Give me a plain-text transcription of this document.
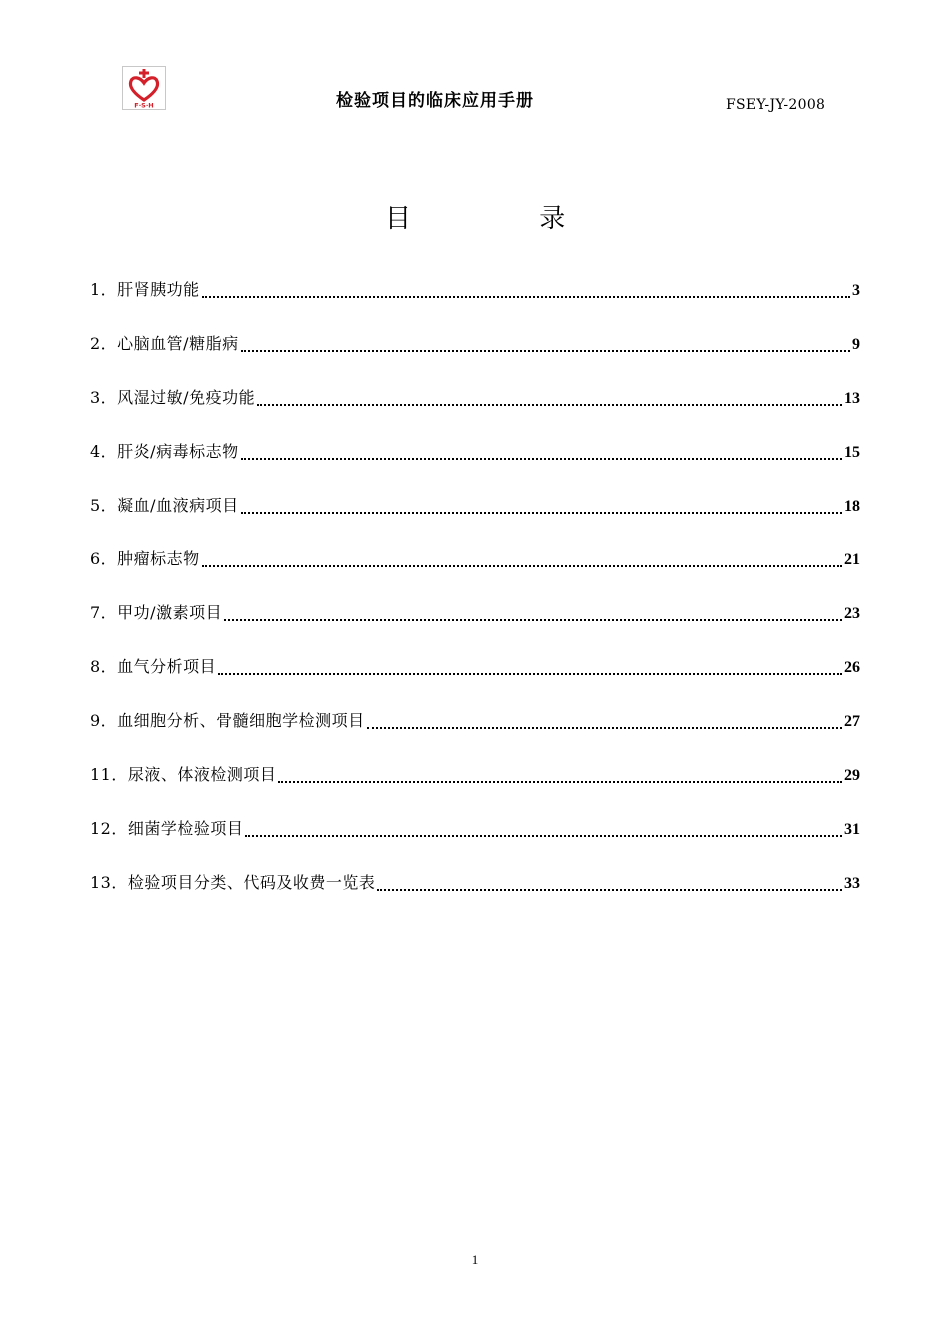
F·S·H	检验项目的临床应用手册	FSEY-JY-2008
目 录
1．肝肾胰功能	3
2．心脑血管/糖脂病	9
3．风湿过敏/免疫功能	13
4．肝炎/病毒标志物	15
5．凝血/血液病项目	18
6．肿瘤标志物	21
7．甲功/激素项目	23
8．血气分析项目	26
9．血细胞分析、骨髓细胞学检测项目	27
11．尿液、体液检测项目	29
12．细菌学检验项目	31
13．检验项目分类、代码及收费一览表	33
1
